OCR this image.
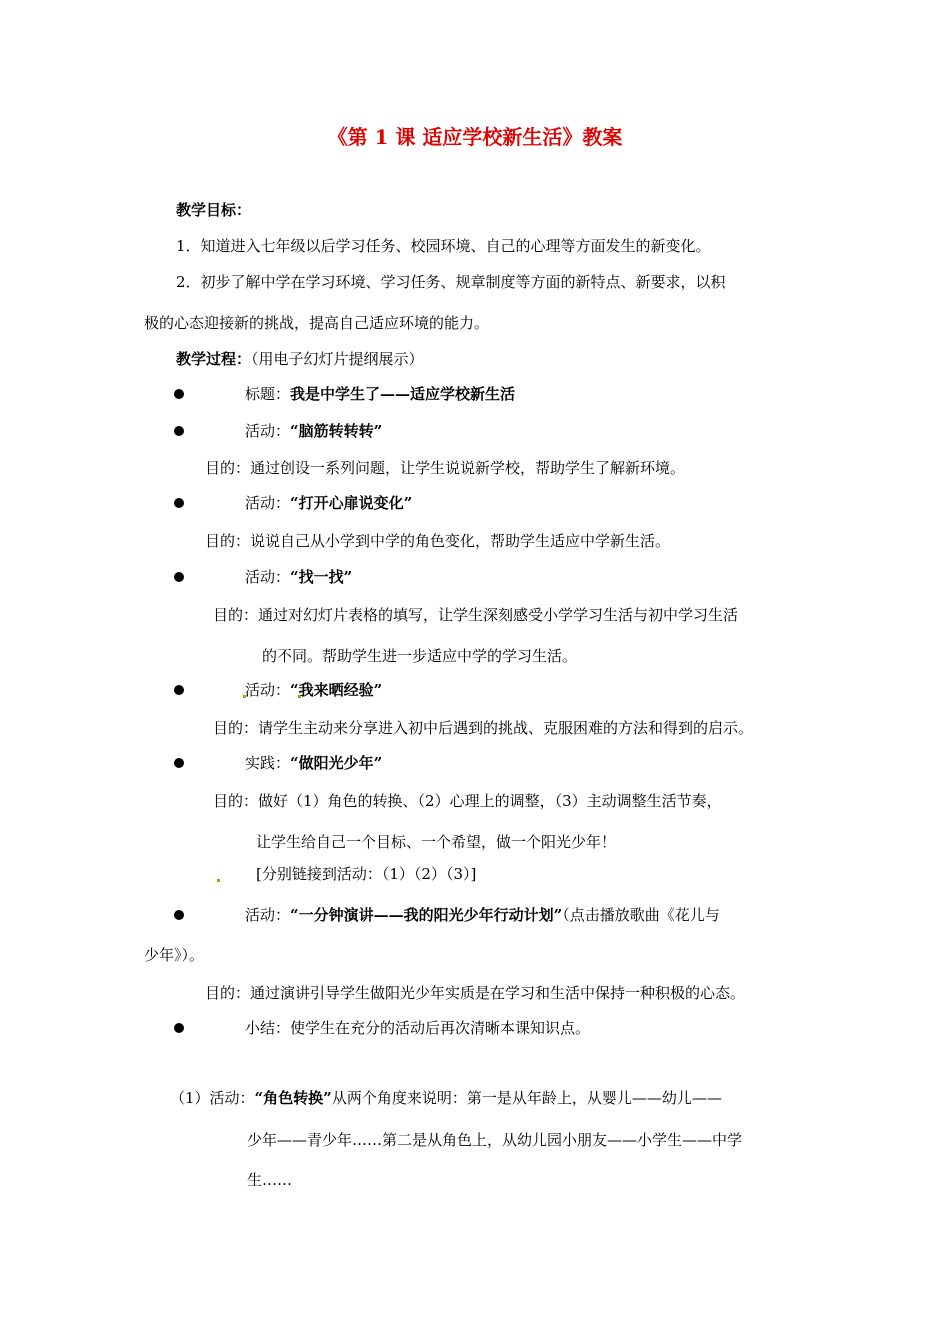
《第 1 课 适应学校新生活》教案
教学目标：
1．知道进入七年级以后学习任务、校园环境、自己的心理等方面发生的新变化。
2．初步了解中学在学习环境、学习任务、规章制度等方面的新特点、新要求，以积
极的心态迎接新的挑战，提高自己适应环境的能力。
教学过程：（用电子幻灯片提纲展示）
标题：我是中学生了——适应学校新生活
活动：“脑筋转转转”
目的：通过创设一系列问题，让学生说说新学校，帮助学生了解新环境。
活动：“打开心扉说变化”
目的：说说自己从小学到中学的角色变化，帮助学生适应中学新生活。
活动：“找一找”
目的：通过对幻灯片表格的填写，让学生深刻感受小学学习生活与初中学习生活
的不同。帮助学生进一步适应中学的学习生活。
活动：“我来晒经验”
目的：请学生主动来分享进入初中后遇到的挑战、克服困难的方法和得到的启示。
实践：“做阳光少年”
目的：做好（1）角色的转换、（2）心理上的调整，（3）主动调整生活节奏，
让学生给自己一个目标、一个希望，做一个阳光少年！
[分别链接到活动：（1）（2）（3）]
活动：“一分钟演讲——我的阳光少年行动计划”（点击播放歌曲《花儿与
少年》）。
目的：通过演讲引导学生做阳光少年实质是在学习和生活中保持一种积极的心态。
小结：使学生在充分的活动后再次清晰本课知识点。
（1）活动：“角色转换”从两个角度来说明：第一是从年龄上，从婴儿——幼儿——
少年——青少年……第二是从角色上，从幼儿园小朋友——小学生——中学
生……
